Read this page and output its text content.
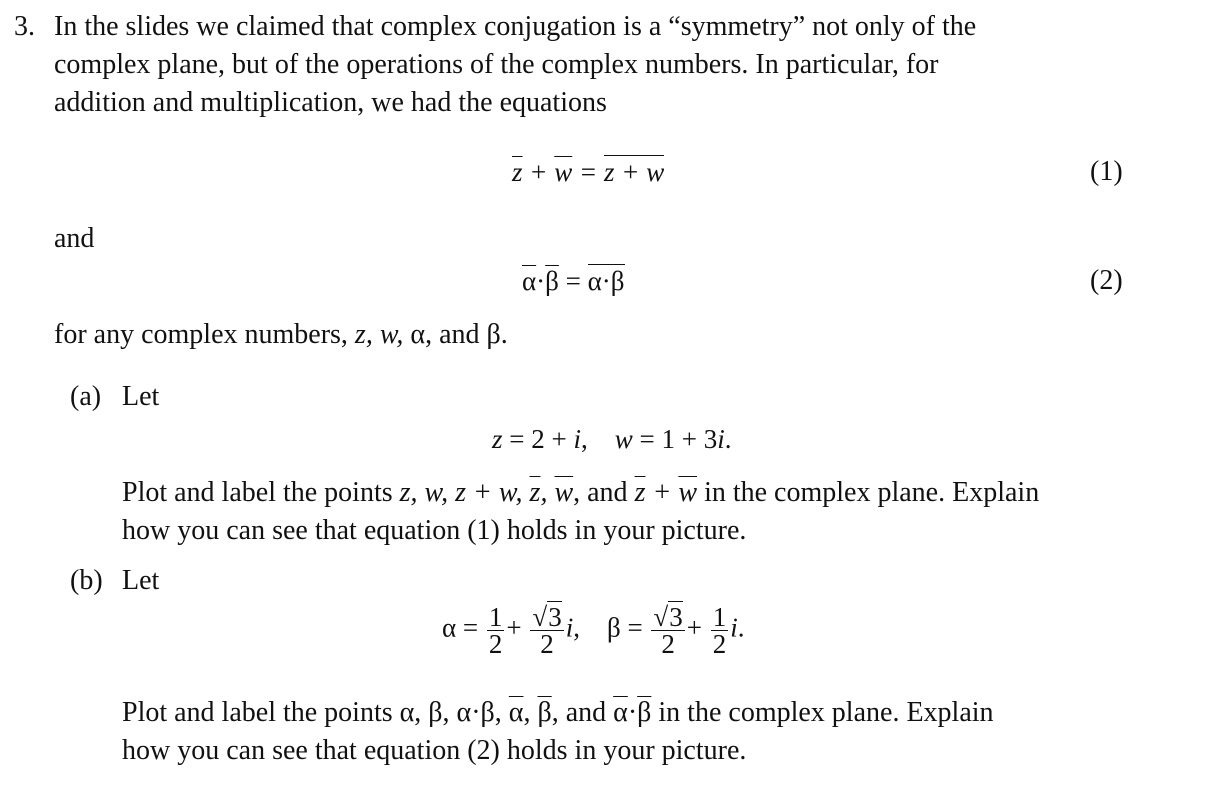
3. In the slides we claimed that complex conjugation is a “symmetry” not only of the
complex plane, but of the operations of the complex numbers. In particular, for
addition and multiplication, we had the equations
$\overline{z} + \overline{w} = z + w$	(1)
and
$\overline{\alpha}\cdot\overline{\beta} = \alpha\cdot\beta$	(2)
for any complex numbers, z, w, α, and β.
(a) Let
z = 2 + i,    w = 1 + 3i.
Plot and label the points z, w, z + w, $\overline{z}$, $\overline{w}$, and $\overline{z} + \overline{w}$ in the complex plane. Explain
how you can see that equation (1) holds in your picture.
(b) Let
$\alpha = \frac{1}{2} + \frac{√3}{2} i$,    $\beta = \frac{√3}{2} + \frac{1}{2} i$.
Plot and label the points α, β, α·β, $\overline{\alpha}$, $\overline{\beta}$, and $\overline{\alpha}\cdot\overline{\beta}$ in the complex plane. Explain
how you can see that equation (2) holds in your picture.
